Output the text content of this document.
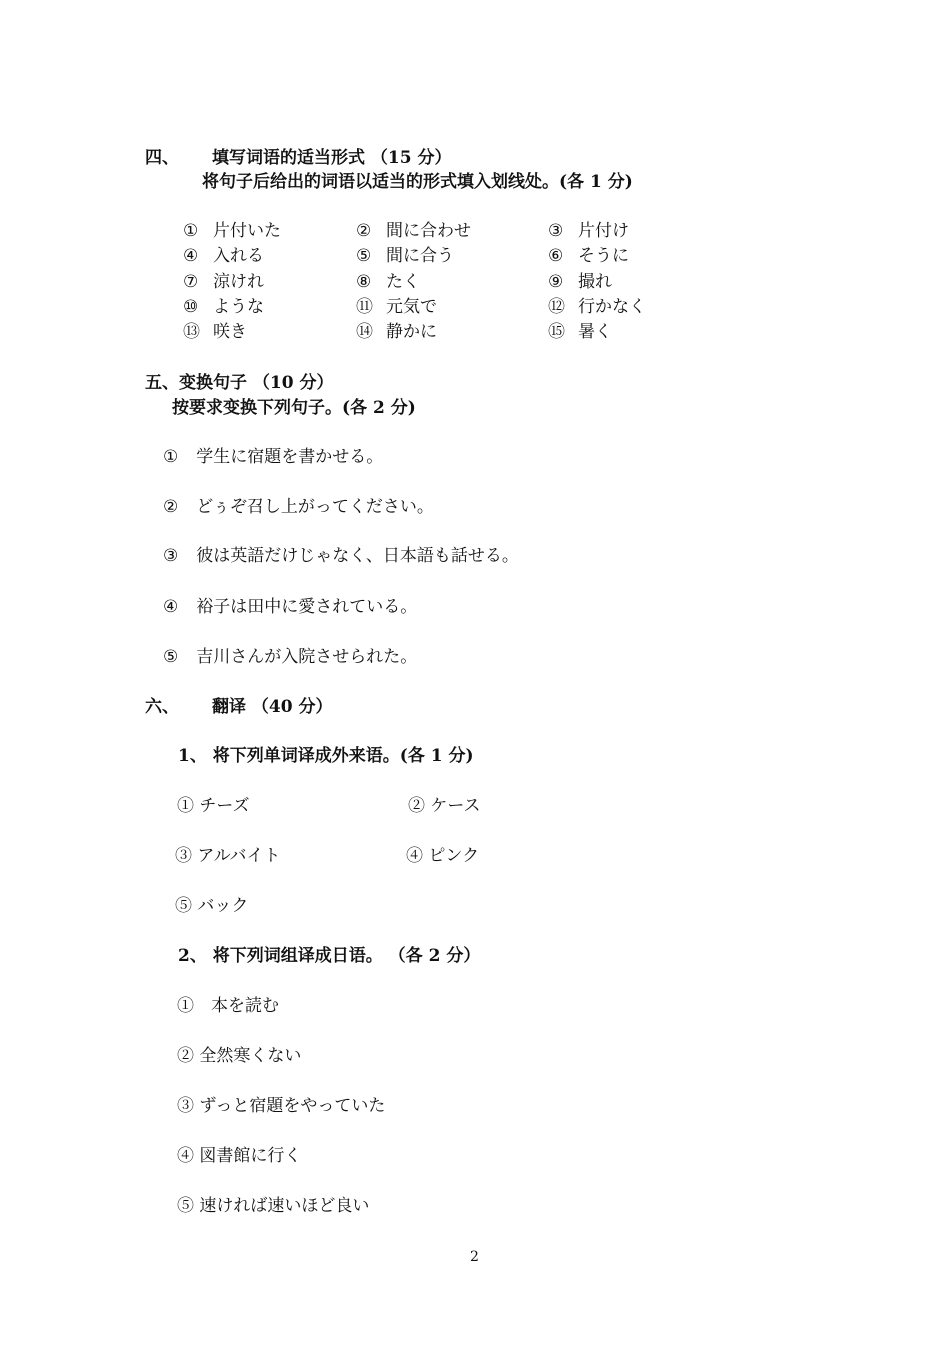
四、 填写词语的适当形式 （15 分）
将句子后给出的词语以适当的形式填入划线处。(各 1 分)
① 片付いた	② 間に合わせ	③ 片付け
④ 入れる	⑤ 間に合う	⑥ そうに
⑦ 涼けれ	⑧ たく	⑨ 撮れ
⑩ ような	⑪ 元気で	⑫ 行かなく
⑬ 咲き	⑭ 静かに	⑮ 暑く
五、变换句子 （10 分）
按要求变换下列句子。(各 2 分)
① 学生に宿題を書かせる。
② どぅぞ召し上がってください。
③ 彼は英語だけじゃなく、日本語も話せる。
④ 裕子は田中に愛されている。
⑤ 吉川さんが入院させられた。
六、 翻译 （40 分）
1、 将下列单词译成外来语。(各 1 分)
① チーズ	② ケース
③ アルバイト	④ ピンク
⑤ バック
2、 将下列词组译成日语。 （各 2 分）
①　本を読む
② 全然寒くない
③ ずっと宿題をやっていた
④ 図書館に行く
⑤ 速ければ速いほど良い
2
